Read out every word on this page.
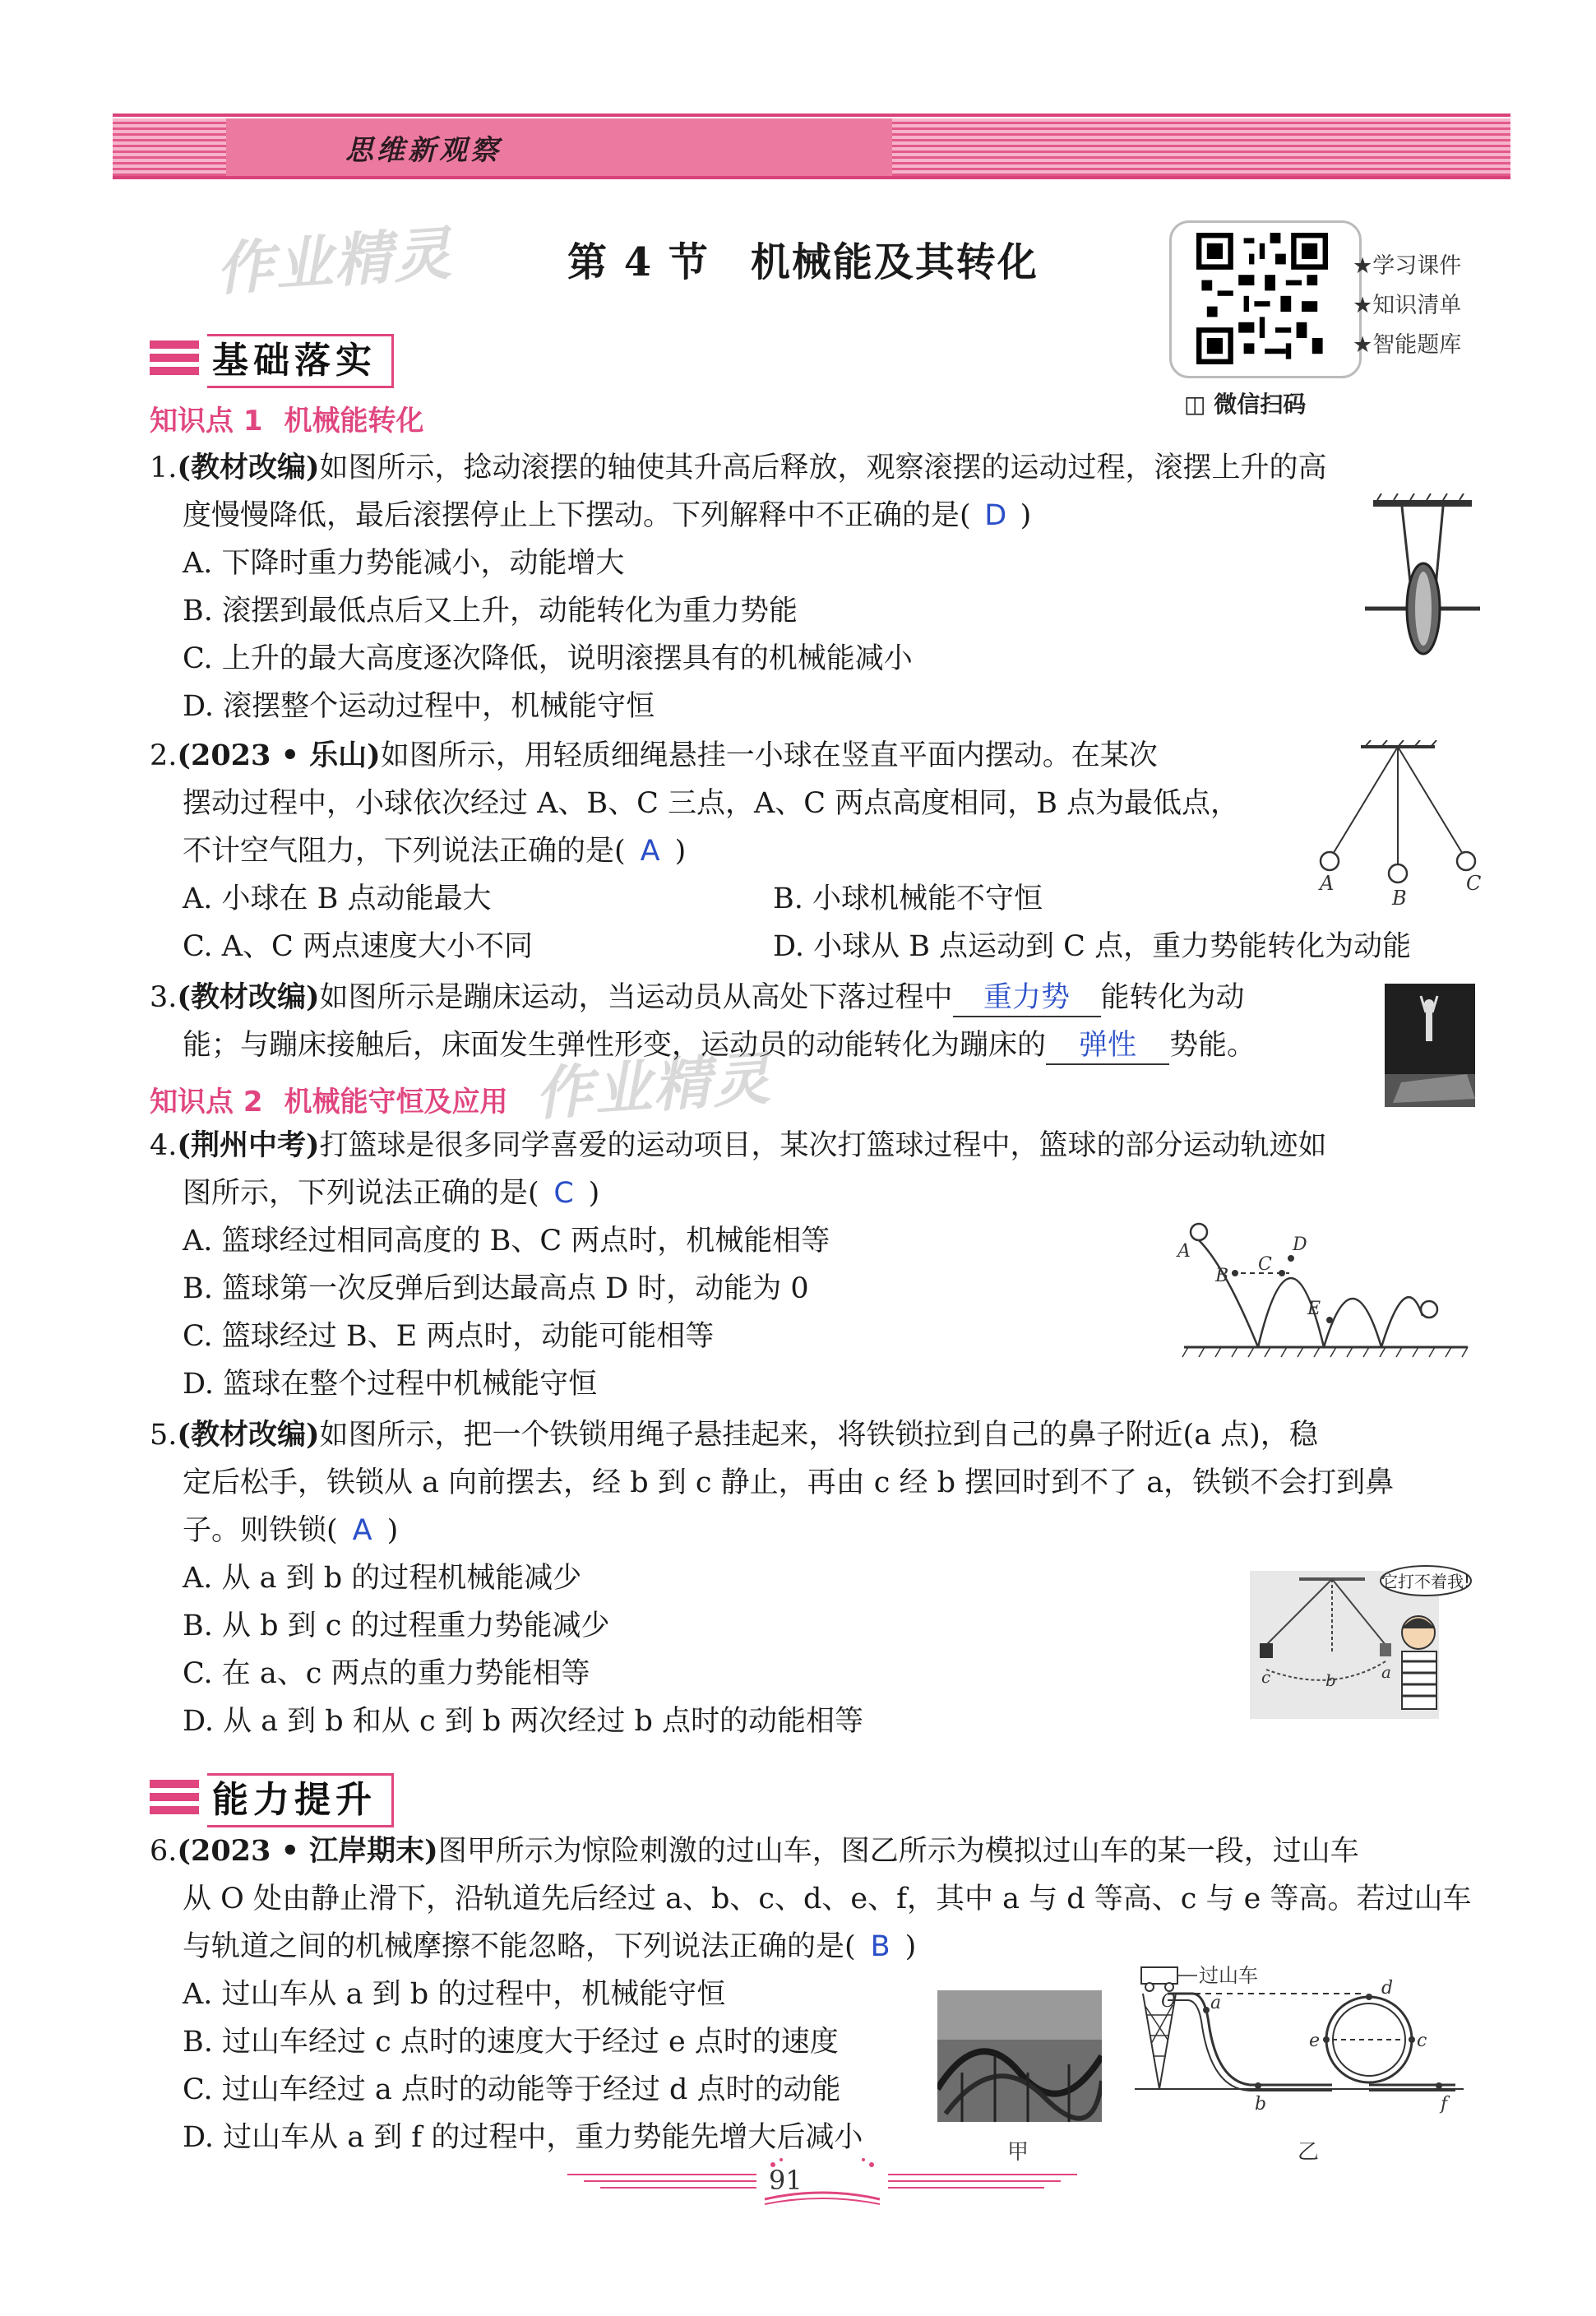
思维新观察
作业精灵
作业精灵
第 4 节 机械能及其转化	★学习课件
★知识清单
★智能题库
◫ 微信扫码
基础落实
知识点 1 机械能转化
1.(教材改编)如图所示，捻动滚摆的轴使其升高后释放，观察滚摆的运动过程，滚摆上升的高
度慢慢降低，最后滚摆停止上下摆动。下列解释中不正确的是( D )
A. 下降时重力势能减小，动能增大
B. 滚摆到最低点后又上升，动能转化为重力势能
C. 上升的最大高度逐次降低，说明滚摆具有的机械能减小
D. 滚摆整个运动过程中，机械能守恒
2.(2023 • 乐山)如图所示，用轻质细绳悬挂一小球在竖直平面内摆动。在某次
摆动过程中，小球依次经过 A、B、C 三点，A、C 两点高度相同，B 点为最低点，
不计空气阻力，下列说法正确的是( A )
A. 小球在 B 点动能最大	B. 小球机械能不守恒
C. A、C 两点速度大小不同	D. 小球从 B 点运动到 C 点，重力势能转化为动能
A
B
C
3.(教材改编)如图所示是蹦床运动，当运动员从高处下落过程中 重力势 能转化为动
能；与蹦床接触后，床面发生弹性形变，运动员的动能转化为蹦床的 弹性 势能。
知识点 2 机械能守恒及应用
4.(荆州中考)打篮球是很多同学喜爱的运动项目，某次打篮球过程中，篮球的部分运动轨迹如
图所示，下列说法正确的是( C )
A. 篮球经过相同高度的 B、C 两点时，机械能相等
B. 篮球第一次反弹后到达最高点 D 时，动能为 0
C. 篮球经过 B、E 两点时，动能可能相等
D. 篮球在整个过程中机械能守恒
A
B
C
D
E
5.(教材改编)如图所示，把一个铁锁用绳子悬挂起来，将铁锁拉到自己的鼻子附近(a 点)，稳
定后松手，铁锁从 a 向前摆去，经 b 到 c 静止，再由 c 经 b 摆回时到不了 a，铁锁不会打到鼻
子。则铁锁( A )
A. 从 a 到 b 的过程机械能减少
B. 从 b 到 c 的过程重力势能减少
C. 在 a、c 两点的重力势能相等
D. 从 a 到 b 和从 c 到 b 两次经过 b 点时的动能相等
它打不着我!
c	b	a
能力提升
6.(2023 • 江岸期末)图甲所示为惊险刺激的过山车，图乙所示为模拟过山车的某一段，过山车
从 O 处由静止滑下，沿轨道先后经过 a、b、c、d、e、f，其中 a 与 d 等高、c 与 e 等高。若过山车
与轨道之间的机械摩擦不能忽略，下列说法正确的是( B )
A. 过山车从 a 到 b 的过程中，机械能守恒
B. 过山车经过 c 点时的速度大于经过 e 点时的速度
C. 过山车经过 a 点时的动能等于经过 d 点时的动能
D. 过山车从 a 到 f 的过程中，重力势能先增大后减小	甲
过山车
O a
b
c
d
e
f
乙
91
